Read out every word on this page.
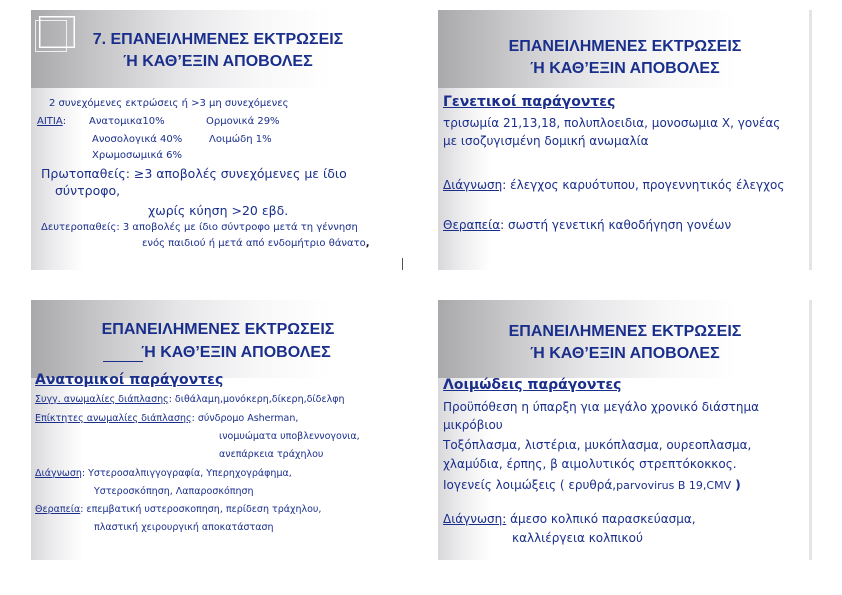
7. ΕΠΑΝΕΙΛΗΜΕΝΕΣ ΕΚΤΡΩΣΕΙΣ
Ή ΚΑΘ’ΕΞΙΝ ΑΠΟΒΟΛΕΣ
2 συνεχόμενες εκτρώσεις ή >3 μη συνεχόμενες
ΑΙΤΙΑ: Ανατομικα10%	Ορμονικά 29%
Ανοσολογικά 40%	Λοιμώδη 1%
Χρωμοσωμικά 6%
Πρωτοπαθείς: ≥3 αποβολές συνεχόμενες με ίδιο
σύντροφο,
χωρίς κύηση >20 εβδ.
Δευτεροπαθείς: 3 αποβολές με ίδιο σύντροφο μετά τη γέννηση
ενός παιδιού ή μετά από ενδομήτριο θάνατο,
ΕΠΑΝΕΙΛΗΜΕΝΕΣ ΕΚΤΡΩΣΕΙΣ
Ή ΚΑΘ’ΕΞΙΝ ΑΠΟΒΟΛΕΣ
Γενετικοί παράγοντες
τρισωμία 21,13,18, πολυπλοειδια, μονοσωμια Χ, γονέας
με ισοζυγισμένη δομική ανωμαλία
Διάγνωση: έλεγχος καρυότυπου, προγεννητικός έλεγχος
Θεραπεία: σωστή γενετική καθοδήγηση γονέων
ΕΠΑΝΕΙΛΗΜΕΝΕΣ ΕΚΤΡΩΣΕΙΣ
Ή ΚΑΘ’ΕΞΙΝ ΑΠΟΒΟΛΕΣ
Ανατομικοί παράγοντες
Συγγ. ανωμαλίες διάπλασης: διθάλαμη,μονόκερη,δίκερη,δίδελφη
Επίκτητες ανωμαλίες διάπλασης: σύνδρομο Asherman,
ινομυώματα υποβλεννογονια,
ανεπάρκεια τράχηλου
Διάγνωση: Υστεροσαλπιγγογραφία, Υπερηχογράφημα,
Υστεροσκόπηση, Λαπαροσκόπηση
Θεραπεία: επεμβατική υστεροσκοπηση, περίδεση τράχηλου,
πλαστική χειρουργική αποκατάσταση
ΕΠΑΝΕΙΛΗΜΕΝΕΣ ΕΚΤΡΩΣΕΙΣ
Ή ΚΑΘ’ΕΞΙΝ ΑΠΟΒΟΛΕΣ
Λοιμώδεις παράγοντες
Προϋπόθεση η ύπαρξη για μεγάλο χρονικό διάστημα
μικρόβιου
Τοξόπλασμα, λιστέρια, μυκόπλασμα, ουρεοπλασμα,
χλαμύδια, έρπης, β αιμολυτικός στρεπτόκοκκος.
Ιογενείς λοιμώξεις ( ερυθρά,parvovirus B 19,CMV )
Διάγνωση: άμεσο κολπικό παρασκεύασμα,
καλλιέργεια κολπικού
